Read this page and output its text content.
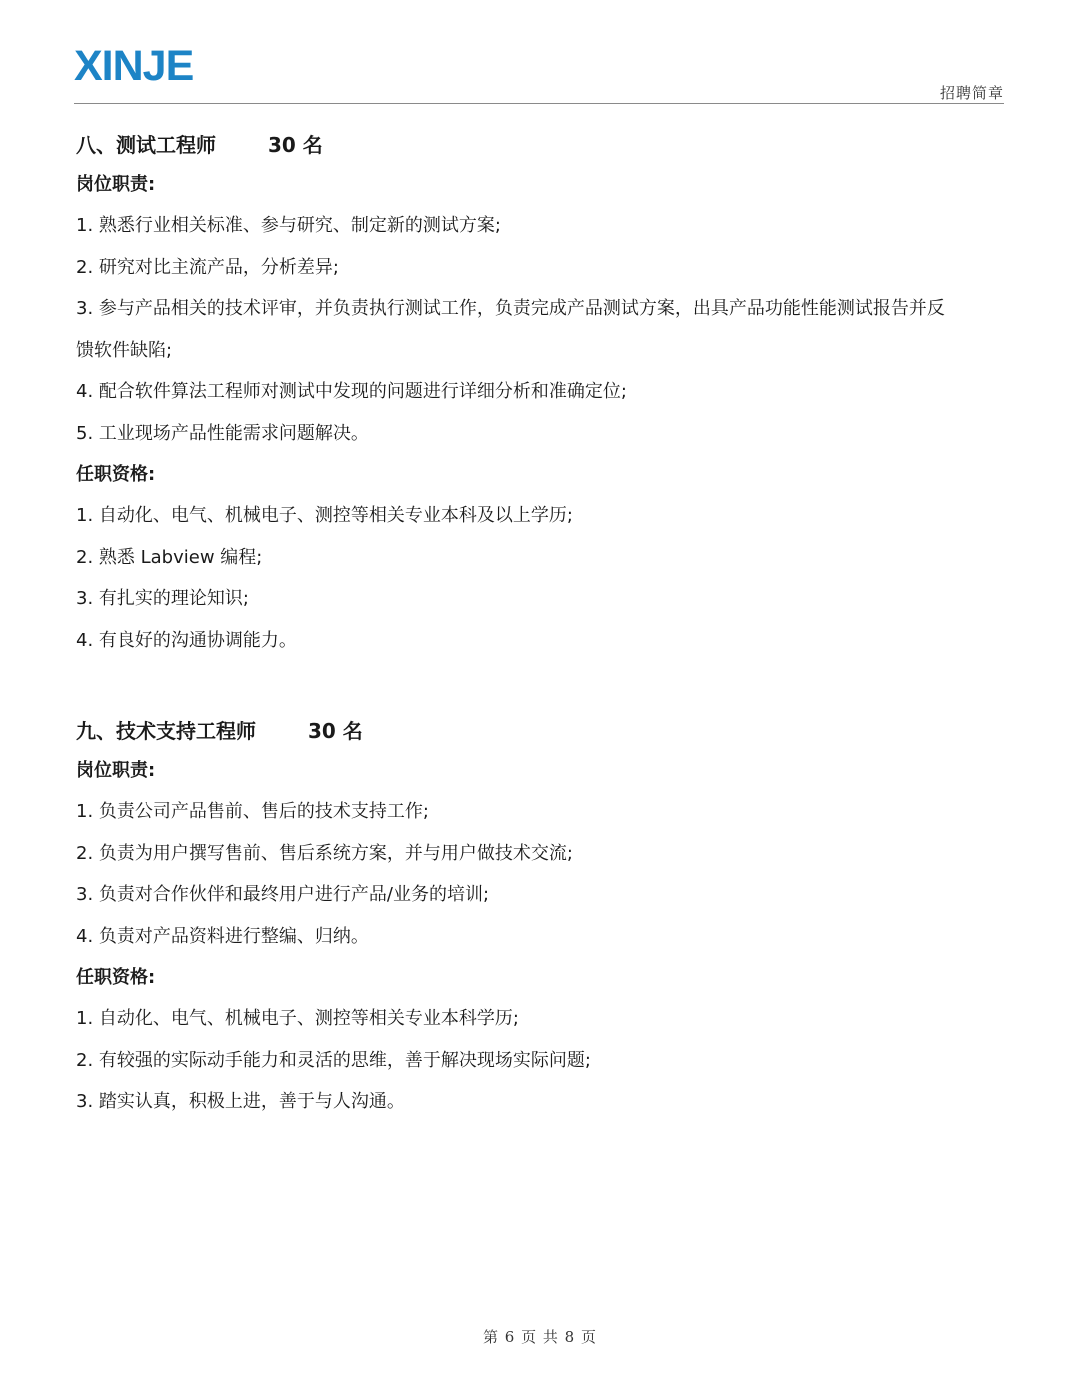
XINJE
招聘简章
八、测试工程师	30 名
岗位职责:

1. 熟悉行业相关标准、参与研究、制定新的测试方案;

2. 研究对比主流产品，分析差异;

3. 参与产品相关的技术评审，并负责执行测试工作，负责完成产品测试方案，出具产品功能性能测试报告并反

馈软件缺陷;

4. 配合软件算法工程师对测试中发现的问题进行详细分析和准确定位;

5. 工业现场产品性能需求问题解决。

任职资格:

1. 自动化、电气、机械电子、测控等相关专业本科及以上学历;

2. 熟悉 Labview 编程;

3. 有扎实的理论知识;

4. 有良好的沟通协调能力。

九、技术支持工程师	30 名
岗位职责:

1. 负责公司产品售前、售后的技术支持工作;

2. 负责为用户撰写售前、售后系统方案，并与用户做技术交流;

3. 负责对合作伙伴和最终用户进行产品/业务的培训;

4. 负责对产品资料进行整编、归纳。

任职资格:

1. 自动化、电气、机械电子、测控等相关专业本科学历;

2. 有较强的实际动手能力和灵活的思维，善于解决现场实际问题;

3. 踏实认真，积极上进，善于与人沟通。

第 6 页 共 8 页
